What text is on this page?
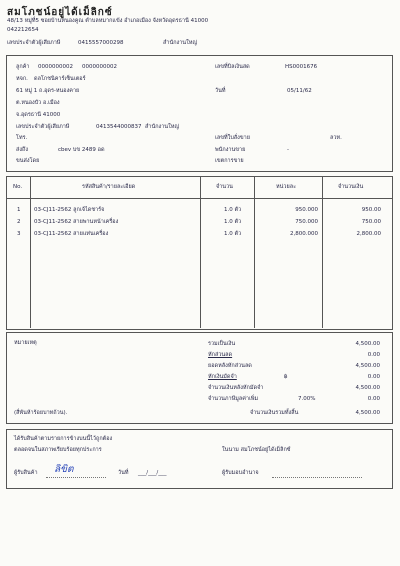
สมโภชน์อยู่ได้เม็ลิกซ์
48/13 หมู่ที่5 ซอยบ้านหนองคูณ ตำบลหมากแข้ง อำเภอเมือง จังหวัดอุดรธานี 41000
042212654
เลขประจำตัวผู้เสียภาษี	0415557000298	สำนักงานใหญ่
ลูกค้า 0000000002 0000000002
หจก. ดลโกชนิคาร์เซ็นเตอร์
61 หมู่ 1 ถ.อุดร-หนองคาย
ต.หนองบัว อ.เมือง
จ.อุดรธานี 41000
เลขประจำตัวผู้เสียภาษี	0413544000837 สำนักงานใหญ่
โทร.
ส่งถึง	cbev บข 2489 อด
ขนส่งโดย
เลขที่บิลเงินสด	HS0001676
วันที่	05/11/62
เลขที่ใบสั่งขาย	ลวท.
พนักงานขาย	-
เขตการขาย
No.	รหัสสินค้า/รายละเอียด	จำนวน	หน่วยละ	จำนวนเงิน
1 03-CJ11-2562 ลูกเจ้ไดชาร์จ	1.0 ตัว	950.000	950.00
2 03-CJ11-2562 สายพานหน้าเครื่อง	1.0 ตัว	750.000	750.00
3 03-CJ11-2562 สายแท่นเครื่อง	1.0 ตัว	2,800.000	2,800.00
หมายเหตุ
(สี่พันห้าร้อยบาทถ้วน).
รวมเป็นเงิน	4,500.00
หักส่วนลด	0.00
ยอดหลังหักส่วนลด	4,500.00
หักเงินมัดจำ	฿	0.00
จำนวนเงินหลังหักมัดจำ	4,500.00
จำนวนภาษีมูลค่าเพิ่ม	7.00%	0.00
จำนวนเงินรวมทั้งสิ้น	4,500.00
ได้รับสินค้าตามรายการข้างบนนี้ไว้ถูกต้อง
ตลอดจนในสภาพเรียบร้อยทุกประการ	ในนาม สมโภชน์อยู่ได้เม็ลิกซ์
ผู้รับสินค้า ลิขิต	วันที่ ___/___/___	ผู้รับมอบอำนาจ
